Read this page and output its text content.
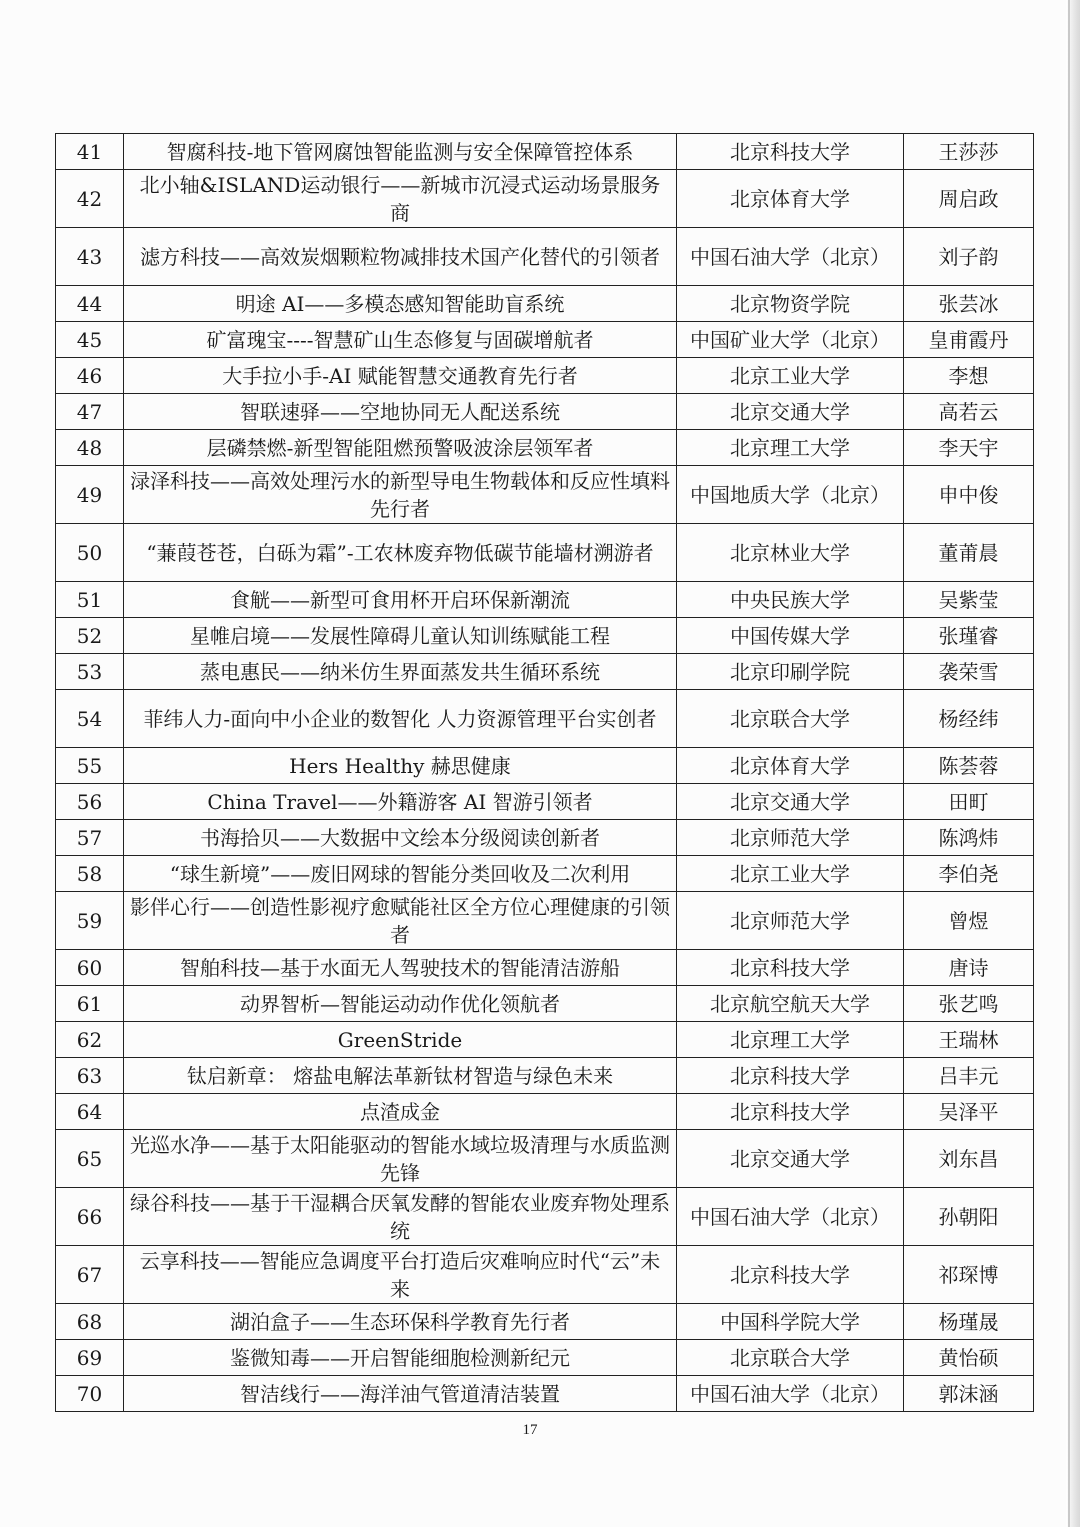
41	智腐科技-地下管网腐蚀智能监测与安全保障管控体系	北京科技大学	王莎莎
42	北小轴&ISLAND运动银行——新城市沉浸式运动场景服务商	北京体育大学	周启政
43	滤方科技——高效炭烟颗粒物减排技术国产化替代的引领者	中国石油大学（北京）	刘子韵
44	明途 AI——多模态感知智能助盲系统	北京物资学院	张芸冰
45	矿富瑰宝----智慧矿山生态修复与固碳增航者	中国矿业大学（北京）	皇甫霞丹
46	大手拉小手-AI 赋能智慧交通教育先行者	北京工业大学	李想
47	智联速驿——空地协同无人配送系统	北京交通大学	高若云
48	层磷禁燃-新型智能阻燃预警吸波涂层领军者	北京理工大学	李天宇
49	渌泽科技——高效处理污水的新型导电生物载体和反应性填料先行者	中国地质大学（北京）	申中俊
50	“蒹葭苍苍，白砾为霜”-工农林废弃物低碳节能墙材溯游者	北京林业大学	董莆晨
51	食觥——新型可食用杯开启环保新潮流	中央民族大学	吴紫莹
52	星帷启境——发展性障碍儿童认知训练赋能工程	中国传媒大学	张瑾睿
53	蒸电惠民——纳米仿生界面蒸发共生循环系统	北京印刷学院	袭荣雪
54	菲纬人力-面向中小企业的数智化 人力资源管理平台实创者	北京联合大学	杨经纬
55	Hers Healthy 赫思健康	北京体育大学	陈荟蓉
56	China Travel——外籍游客 AI 智游引领者	北京交通大学	田町
57	书海拾贝——大数据中文绘本分级阅读创新者	北京师范大学	陈鸿炜
58	“球生新境”——废旧网球的智能分类回收及二次利用	北京工业大学	李伯尧
59	影伴心行——创造性影视疗愈赋能社区全方位心理健康的引领者	北京师范大学	曾煜
60	智舶科技—基于水面无人驾驶技术的智能清洁游船	北京科技大学	唐诗
61	动界智析—智能运动动作优化领航者	北京航空航天大学	张艺鸣
62	GreenStride	北京理工大学	王瑞林
63	钛启新章： 熔盐电解法革新钛材智造与绿色未来	北京科技大学	吕丰元
64	点渣成金	北京科技大学	吴泽平
65	光巡水净——基于太阳能驱动的智能水域垃圾清理与水质监测先锋	北京交通大学	刘东昌
66	绿谷科技——基于干湿耦合厌氧发酵的智能农业废弃物处理系统	中国石油大学（北京）	孙朝阳
67	云享科技——智能应急调度平台打造后灾难响应时代“云”未来	北京科技大学	祁琛博
68	湖泊盒子——生态环保科学教育先行者	中国科学院大学	杨瑾晟
69	鉴微知毒——开启智能细胞检测新纪元	北京联合大学	黄怡硕
70	智洁线行——海洋油气管道清洁装置	中国石油大学（北京）	郭沫涵
17
